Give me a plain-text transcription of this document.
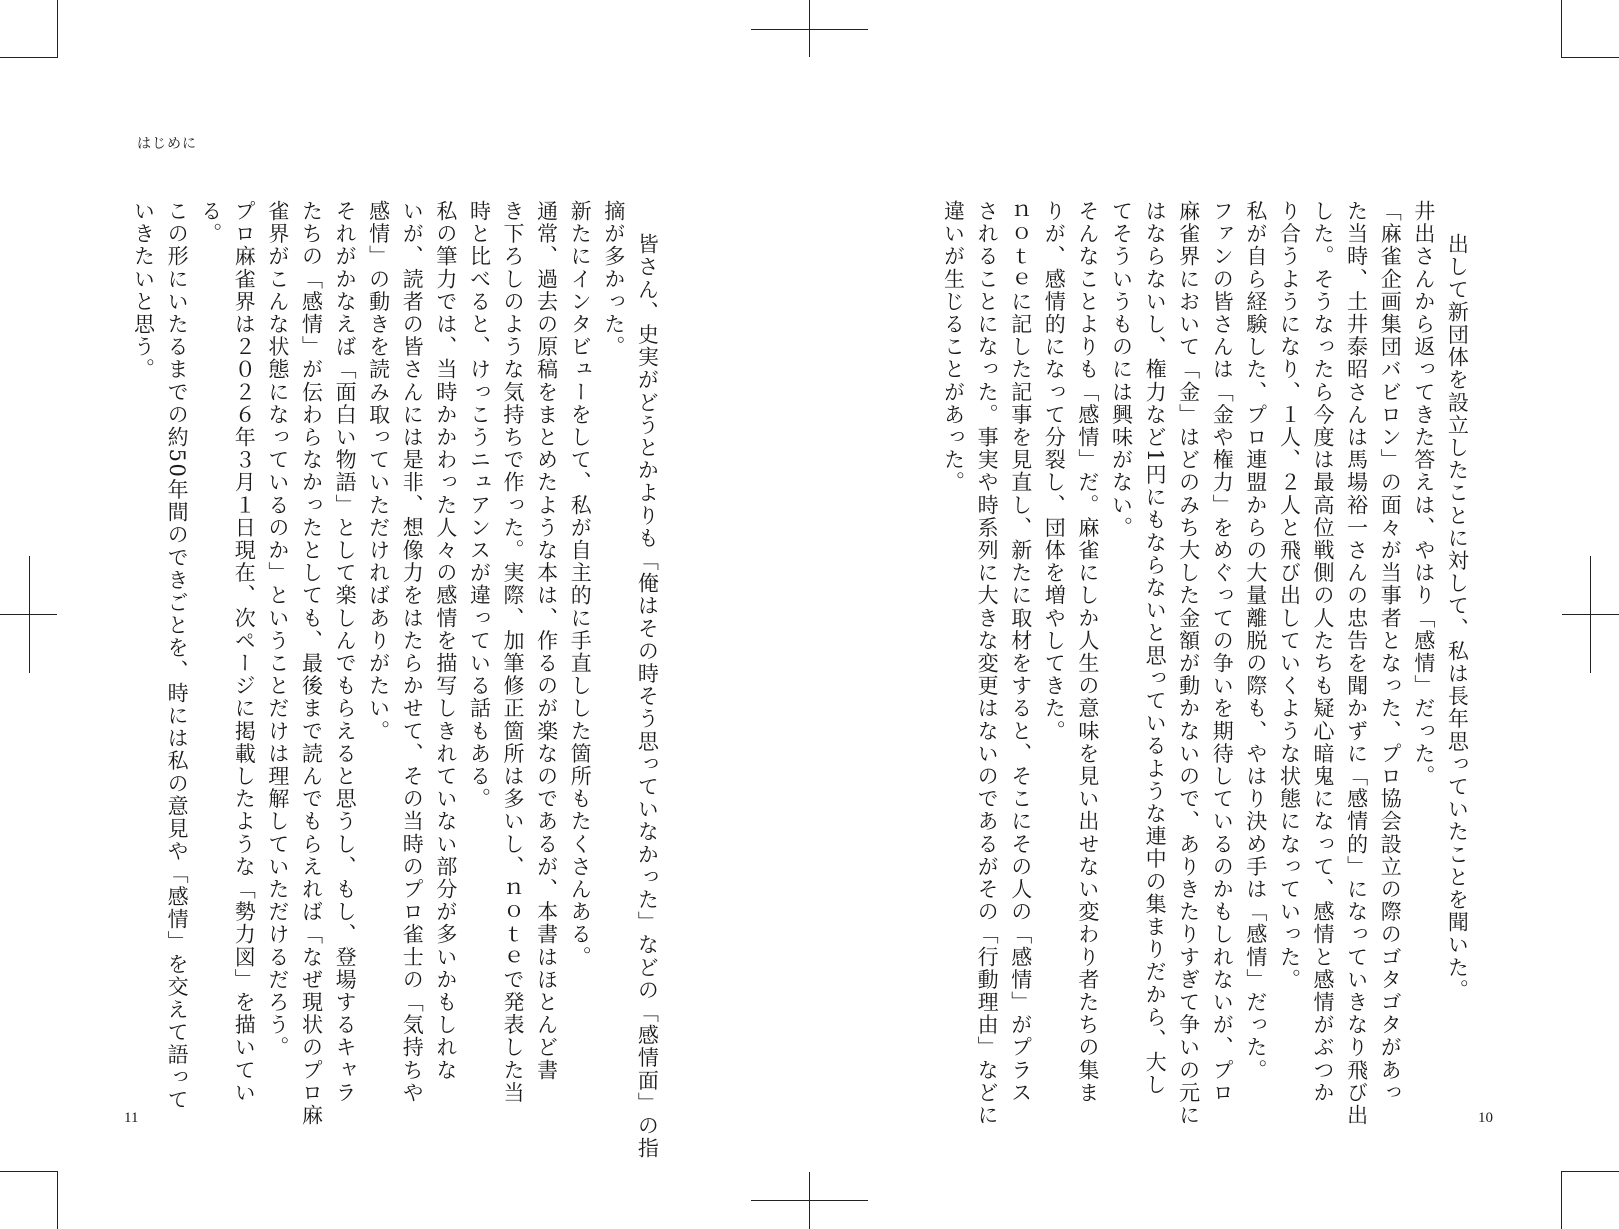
はじめに

皆さん、史実がどうとかよりも「俺はその時そう思っていなかった」などの「感情面」の指
摘が多かった。
新たにインタビューをして、私が自主的に手直しした箇所もたくさんある。
通常、過去の原稿をまとめたような本は、作るのが楽なのであるが、本書はほとんど書
き下ろしのような気持ちで作った。実際、加筆修正箇所は多いし、ｎｏｔｅで発表した当
時と比べると、けっこうニュアンスが違っている話もある。
私の筆力では、当時かかわった人々の感情を描写しきれていない部分が多いかもしれな
いが、読者の皆さんには是非、想像力をはたらかせて、その当時のプロ雀士の「気持ちや
感情」の動きを読み取っていただければありがたい。
それがかなえば「面白い物語」として楽しんでもらえると思うし、もし、登場するキャラ
たちの「感情」が伝わらなかったとしても、最後まで読んでもらえれば「なぜ現状のプロ麻
雀界がこんな状態になっているのか」ということだけは理解していただけるだろう。
プロ麻雀界は２０２６年３月１日現在、次ページに掲載したような「勢力図」を描いてい
る。
この形にいたるまでの約50年間のできごとを、時には私の意見や「感情」を交えて語って
いきたいと思う。

11

出して新団体を設立したことに対して、私は長年思っていたことを聞いた。
井出さんから返ってきた答えは、やはり「感情」だった。
「麻雀企画集団バビロン」の面々が当事者となった、プロ協会設立の際のゴタゴタがあっ
た当時、土井泰昭さんは馬場裕一さんの忠告を聞かずに「感情的」になっていきなり飛び出
した。そうなったら今度は最高位戦側の人たちも疑心暗鬼になって、感情と感情がぶつか
り合うようになり、１人、２人と飛び出していくような状態になっていった。
私が自ら経験した、プロ連盟からの大量離脱の際も、やはり決め手は「感情」だった。
ファンの皆さんは「金や権力」をめぐっての争いを期待しているのかもしれないが、プロ
麻雀界において「金」はどのみち大した金額が動かないので、ありきたりすぎて争いの元に
はならないし、権力など1円にもならないと思っているような連中の集まりだから、大し
てそういうものには興味がない。
そんなことよりも「感情」だ。麻雀にしか人生の意味を見い出せない変わり者たちの集ま
りが、感情的になって分裂し、団体を増やしてきた。
ｎｏｔｅに記した記事を見直し、新たに取材をすると、そこにその人の「感情」がプラス
されることになった。事実や時系列に大きな変更はないのであるがその「行動理由」などに
違いが生じることがあった。

10
